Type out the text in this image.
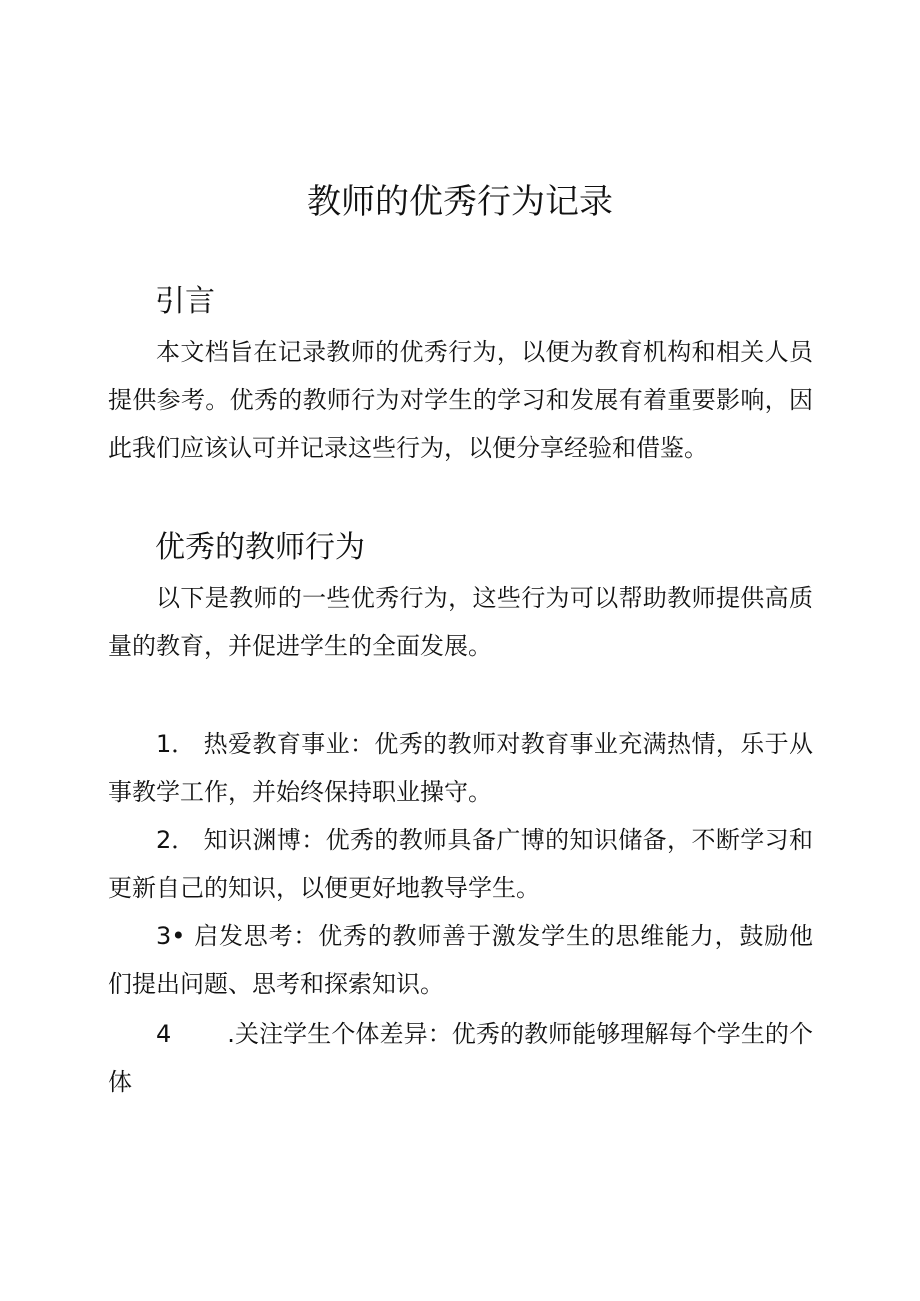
教师的优秀行为记录
引言

本文档旨在记录教师的优秀行为，以便为教育机构和相关人员提供参考。优秀的教师行为对学生的学习和发展有着重要影响，因此我们应该认可并记录这些行为，以便分享经验和借鉴。

优秀的教师行为

以下是教师的一些优秀行为，这些行为可以帮助教师提供高质量的教育，并促进学生的全面发展。

1． 热爱教育事业：优秀的教师对教育事业充满热情，乐于从事教学工作，并始终保持职业操守。

2． 知识渊博：优秀的教师具备广博的知识储备，不断学习和更新自己的知识，以便更好地教导学生。

3• 启发思考：优秀的教师善于激发学生的思维能力，鼓励他们提出问题、思考和探索知识。

4 .关注学生个体差异：优秀的教师能够理解每个学生的个体
